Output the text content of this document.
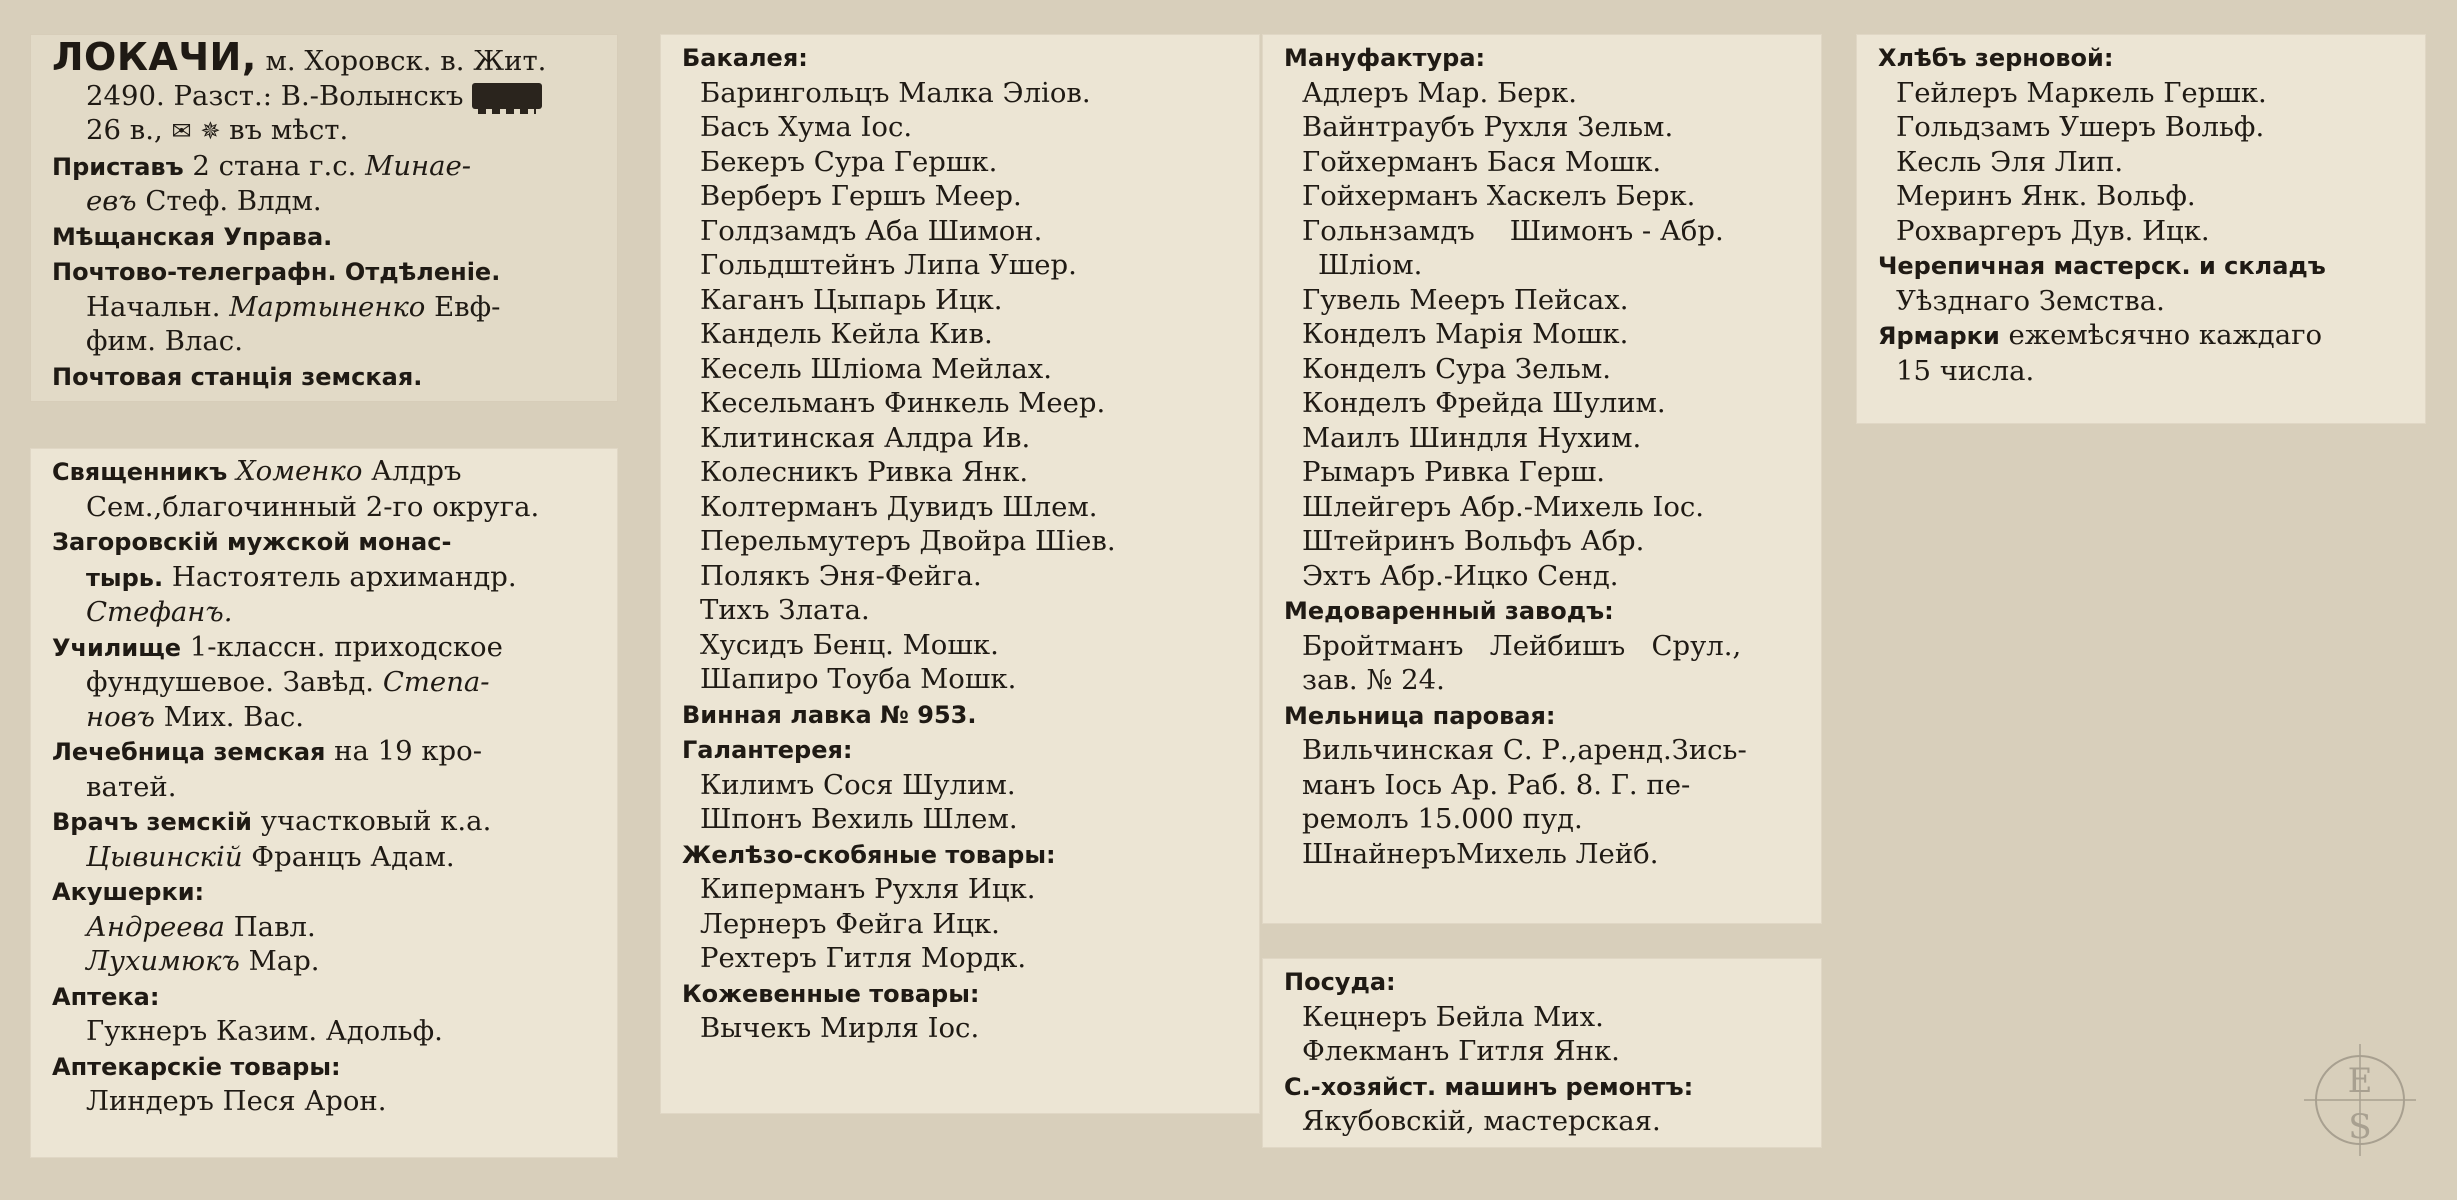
ЛОКАЧИ, м. Хоровск. в. Жит.
2490. Разст.: В.-Волынскъ
26 в., ✉ ✵ въ мѣст.
Приставъ 2 стана г.с. Минаe-
евъ Стеф. Влдм.
Мѣщанская Управа.
Почтово-телеграфн. Отдѣленіе.
Начальн. Мартыненко Евф-
фим. Влас.
Почтовая станція земская.
Священникъ Хоменко Алдръ
Сем.,благочинный 2-го округа.
Загоровскій мужской монас-
тырь. Настоятель архимандр.
Стефанъ.
Училище 1-классн. приходское
фундушевое. Завѣд. Степа-
новъ Мих. Вас.
Лечебница земская на 19 кро-
ватей.
Врачъ земскій участковый к.а.
Цывинскій Францъ Адам.
Акушерки:
Андреева Павл.
Лухимюкъ Мар.
Аптека:
Гукнеръ Казим. Адольф.
Аптекарскіе товары:
Линдеръ Песя Арон.
Бакалея:
Барингольцъ Малка Эліов.
Басъ Хума Іос.
Бекеръ Сура Гершк.
Верберъ Гершъ Меер.
Голдзамдъ Аба Шимон.
Гольдштейнъ Липа Ушер.
Каганъ Цыпарь Ицк.
Кандель Кейла Кив.
Кесель Шліома Мейлах.
Кесельманъ Финкель Меер.
Клитинская Алдра Ив.
Колесникъ Ривка Янк.
Колтерманъ Дувидъ Шлем.
Перельмутеръ Двойра Шіев.
Полякъ Эня-Фейга.
Тихъ Злата.
Хусидъ Бенц. Мошк.
Шапиро Тоуба Мошк.
Винная лавка № 953.
Галантерея:
Килимъ Сося Шулим.
Шпонъ Вехиль Шлем.
Желѣзо-скобяные товары:
Киперманъ Рухля Ицк.
Лернеръ Фейга Ицк.
Рехтеръ Гитля Мордк.
Кожевенные товары:
Вычекъ Мирля Іос.
Мануфактура:
Адлеръ Мар. Берк.
Вайнтраубъ Рухля Зельм.
Гойхерманъ Бася Мошк.
Гойхерманъ Хаскелъ Берк.
Гольнзамдъ    Шимонъ - Абр.
Шліом.
Гувель Мееръ Пейсах.
Конделъ Марія Мошк.
Конделъ Сура Зельм.
Конделъ Фрейда Шулим.
Маилъ Шиндля Нухим.
Рымаръ Ривка Герш.
Шлейгеръ Абр.-Михель Іос.
Штейринъ Вольфъ Абр.
Эхтъ Абр.-Ицко Сенд.
Медоваренный заводъ:
Бройтманъ   Лейбишъ   Срул.,
зав. № 24.
Мельница паровая:
Вильчинская С. Р.,аренд.Зись-
манъ Іось Ар. Раб. 8. Г. пе-
ремолъ 15.000 пуд.
ШнайнеръМихель Лейб.
Посуда:
Кецнеръ Бейла Мих.
Флекманъ Гитля Янк.
С.-хозяйст. машинъ ремонтъ:
Якубовскій, мастерская.
Хлѣбъ зерновой:
Гейлеръ Маркель Гершк.
Гольдзамъ Ушеръ Вольф.
Кесль Эля Лип.
Меринъ Янк. Вольф.
Рохваргеръ Дув. Ицк.
Черепичная мастерск. и складъ
Уѣзднаго Земства.
Ярмарки ежемѣсячно каждаго
15 числа.
E
S
